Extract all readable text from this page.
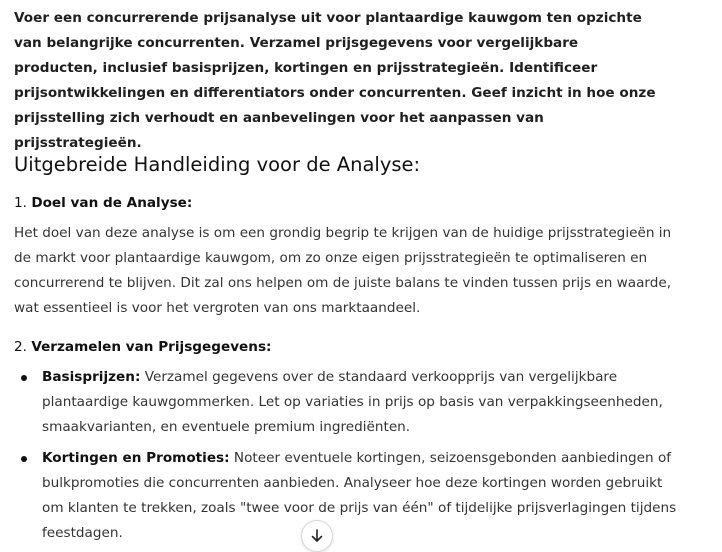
Voer een concurrerende prijsanalyse uit voor plantaardige kauwgom ten opzichte van belangrijke concurrenten. Verzamel prijsgegevens voor vergelijkbare producten, inclusief basisprijzen, kortingen en prijsstrategieën. Identificeer prijsontwikkelingen en differentiators onder concurrenten. Geef inzicht in hoe onze prijsstelling zich verhoudt en aanbevelingen voor het aanpassen van prijsstrategieën.

Uitgebreide Handleiding voor de Analyse:
1. Doel van de Analyse:

Het doel van deze analyse is om een grondig begrip te krijgen van de huidige prijsstrategieën in de markt voor plantaardige kauwgom, om zo onze eigen prijsstrategieën te optimaliseren en concurrerend te blijven. Dit zal ons helpen om de juiste balans te vinden tussen prijs en waarde, wat essentieel is voor het vergroten van ons marktaandeel.

2. Verzamelen van Prijsgegevens:
Basisprijzen: Verzamel gegevens over de standaard verkoopprijs van vergelijkbare plantaardige kauwgommerken. Let op variaties in prijs op basis van verpakkingseenheden, smaakvarianten, en eventuele premium ingrediënten.
Kortingen en Promoties: Noteer eventuele kortingen, seizoensgebonden aanbiedingen of bulkpromoties die concurrenten aanbieden. Analyseer hoe deze kortingen worden gebruikt om klanten te trekken, zoals "twee voor de prijs van één" of tijdelijke prijsverlagingen tijdens feestdagen.
